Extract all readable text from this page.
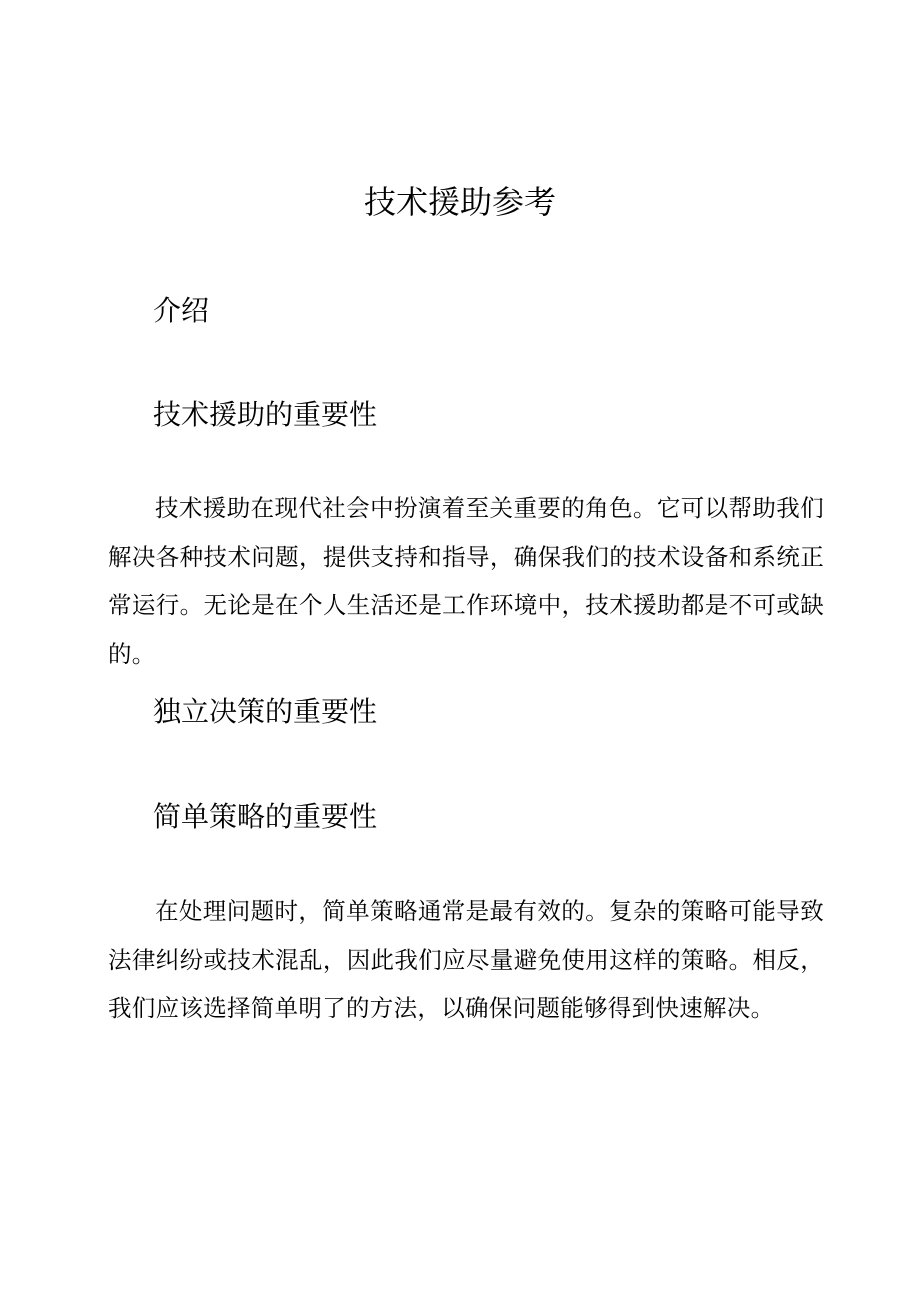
技术援助参考
介绍
技术援助的重要性

技术援助在现代社会中扮演着至关重要的角色。它可以帮助我们解决各种技术问题，提供支持和指导，确保我们的技术设备和系统正常运行。无论是在个人生活还是工作环境中，技术援助都是不可或缺的。

独立决策的重要性
简单策略的重要性

在处理问题时，简单策略通常是最有效的。复杂的策略可能导致法律纠纷或技术混乱，因此我们应尽量避免使用这样的策略。相反，我们应该选择简单明了的方法，以确保问题能够得到快速解决。
